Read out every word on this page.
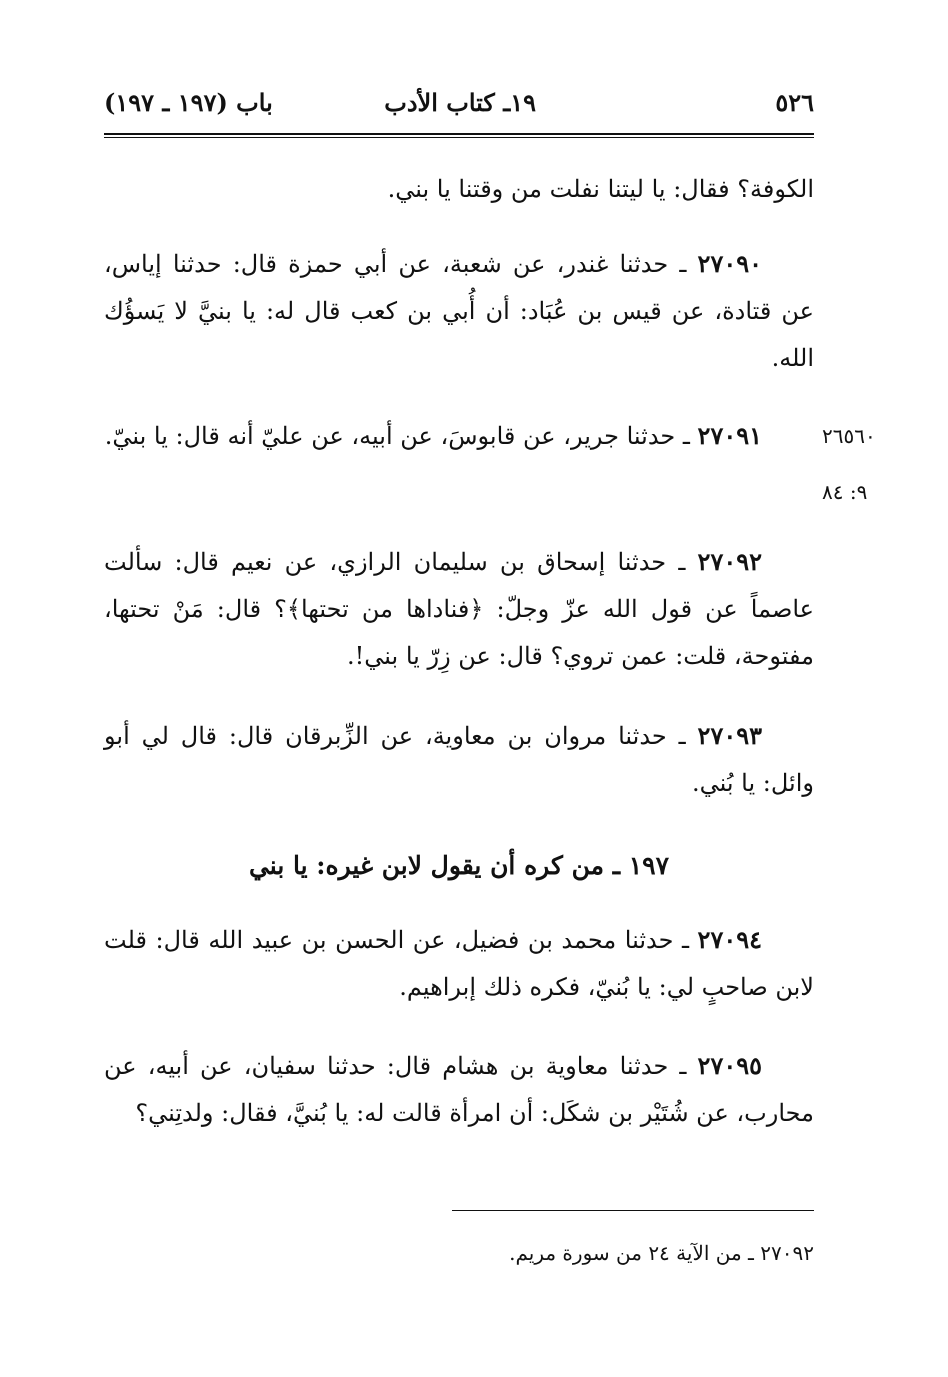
٥٢٦
١٩ـ كتاب الأدب
باب (١٩٧ ـ ١٩٧)
الكوفة؟ فقال: يا ليتنا نفلت من وقتنا يا بني.
٢٧٠٩٠ ـ حدثنا غندر، عن شعبة، عن أبي حمزة قال: حدثنا إياس، عن قتادة، عن قيس بن عُبَاد: أن أُبي بن كعب قال له: يا بنيَّ لا يَسؤُك الله.
٢٧٠٩١ ـ حدثنا جرير، عن قابوسَ، عن أبيه، عن عليّ أنه قال: يا بنيّ.	٢٦٥٦٠
٩: ٨٤
٢٧٠٩٢ ـ حدثنا إسحاق بن سليمان الرازي، عن نعيم قال: سألت عاصماً عن قول الله عزّ وجلّ: ﴿فناداها من تحتها﴾؟ قال: مَنْ تحتها، مفتوحة، قلت: عمن تروي؟ قال: عن زِرّ يا بني!.
٢٧٠٩٣ ـ حدثنا مروان بن معاوية، عن الزِّبرقان قال: قال لي أبو وائل: يا بُني.
١٩٧ ـ من كره أن يقول لابن غيره: يا بني
٢٧٠٩٤ ـ حدثنا محمد بن فضيل، عن الحسن بن عبيد الله قال: قلت لابن صاحبٍ لي: يا بُنيّ، فكره ذلك إبراهيم.
٢٧٠٩٥ ـ حدثنا معاوية بن هشام قال: حدثنا سفيان، عن أبيه، عن محارب، عن شُتَيْر بن شكَل: أن امرأة قالت له: يا بُنيَّ، فقال: ولدتِني؟
٢٧٠٩٢ ـ من الآية ٢٤ من سورة مريم.
